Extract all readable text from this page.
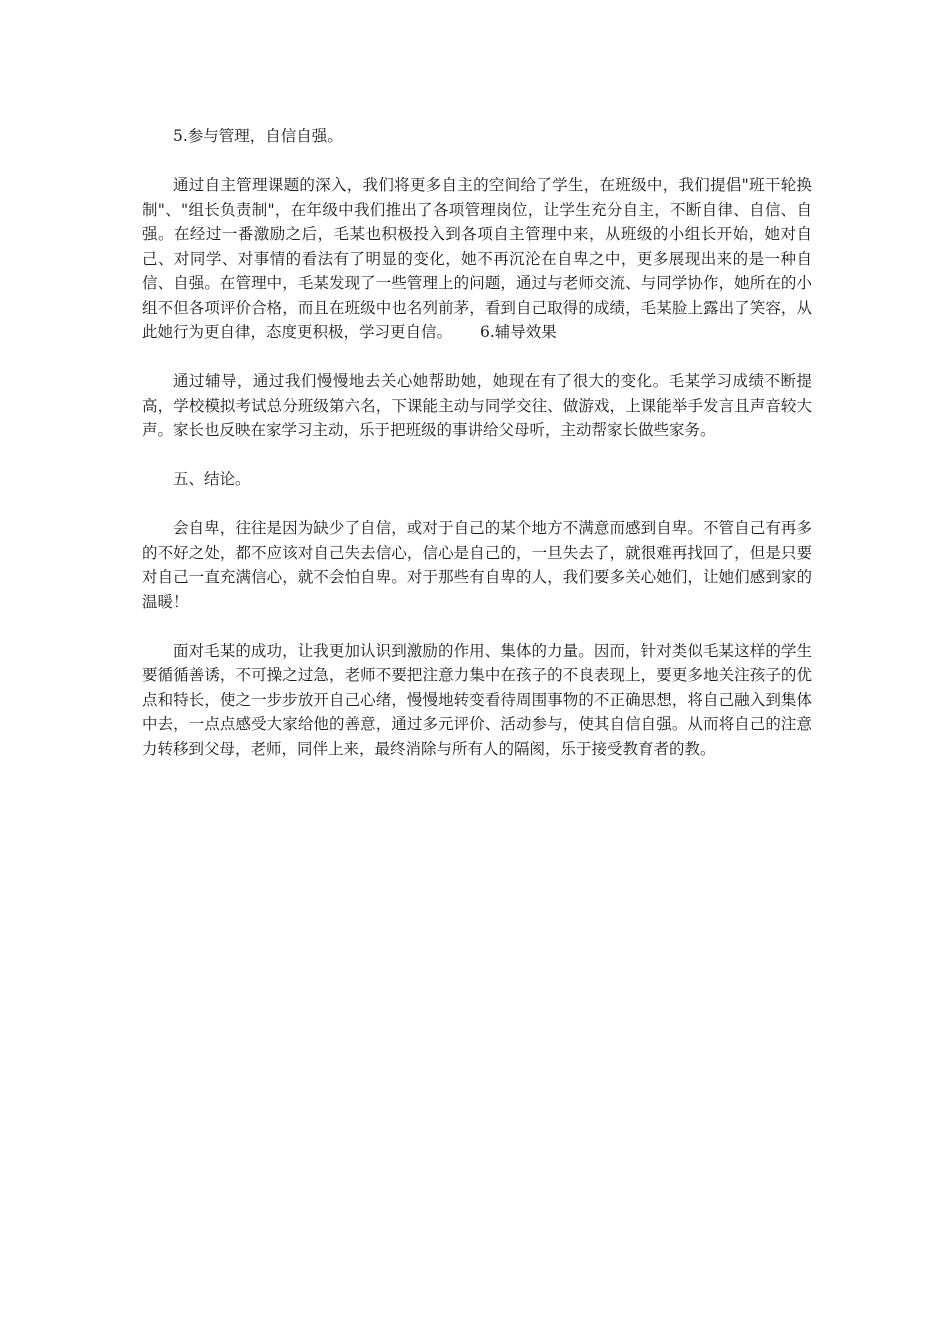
5.参与管理，自信自强。

通过自主管理课题的深入，我们将更多自主的空间给了学生，在班级中，我们提倡"班干轮换制"、"组长负责制"，在年级中我们推出了各项管理岗位，让学生充分自主，不断自律、自信、自强。在经过一番激励之后，毛某也积极投入到各项自主管理中来，从班级的小组长开始，她对自己、对同学、对事情的看法有了明显的变化，她不再沉沦在自卑之中，更多展现出来的是一种自信、自强。在管理中，毛某发现了一些管理上的问题，通过与老师交流、与同学协作，她所在的小组不但各项评价合格，而且在班级中也名列前茅，看到自己取得的成绩，毛某脸上露出了笑容，从此她行为更自律，态度更积极，学习更自信。 6.辅导效果

通过辅导，通过我们慢慢地去关心她帮助她，她现在有了很大的变化。毛某学习成绩不断提高，学校模拟考试总分班级第六名，下课能主动与同学交往、做游戏，上课能举手发言且声音较大声。家长也反映在家学习主动，乐于把班级的事讲给父母听，主动帮家长做些家务。

五、结论。

会自卑，往往是因为缺少了自信，或对于自己的某个地方不满意而感到自卑。不管自己有再多的不好之处，都不应该对自己失去信心，信心是自己的，一旦失去了，就很难再找回了，但是只要对自己一直充满信心，就不会怕自卑。对于那些有自卑的人，我们要多关心她们，让她们感到家的温暖！

面对毛某的成功，让我更加认识到激励的作用、集体的力量。因而，针对类似毛某这样的学生要循循善诱，不可操之过急，老师不要把注意力集中在孩子的不良表现上，要更多地关注孩子的优点和特长，使之一步步放开自己心绪，慢慢地转变看待周围事物的不正确思想，将自己融入到集体中去，一点点感受大家给他的善意，通过多元评价、活动参与，使其自信自强。从而将自己的注意力转移到父母，老师，同伴上来，最终消除与所有人的隔阂，乐于接受教育者的教。
